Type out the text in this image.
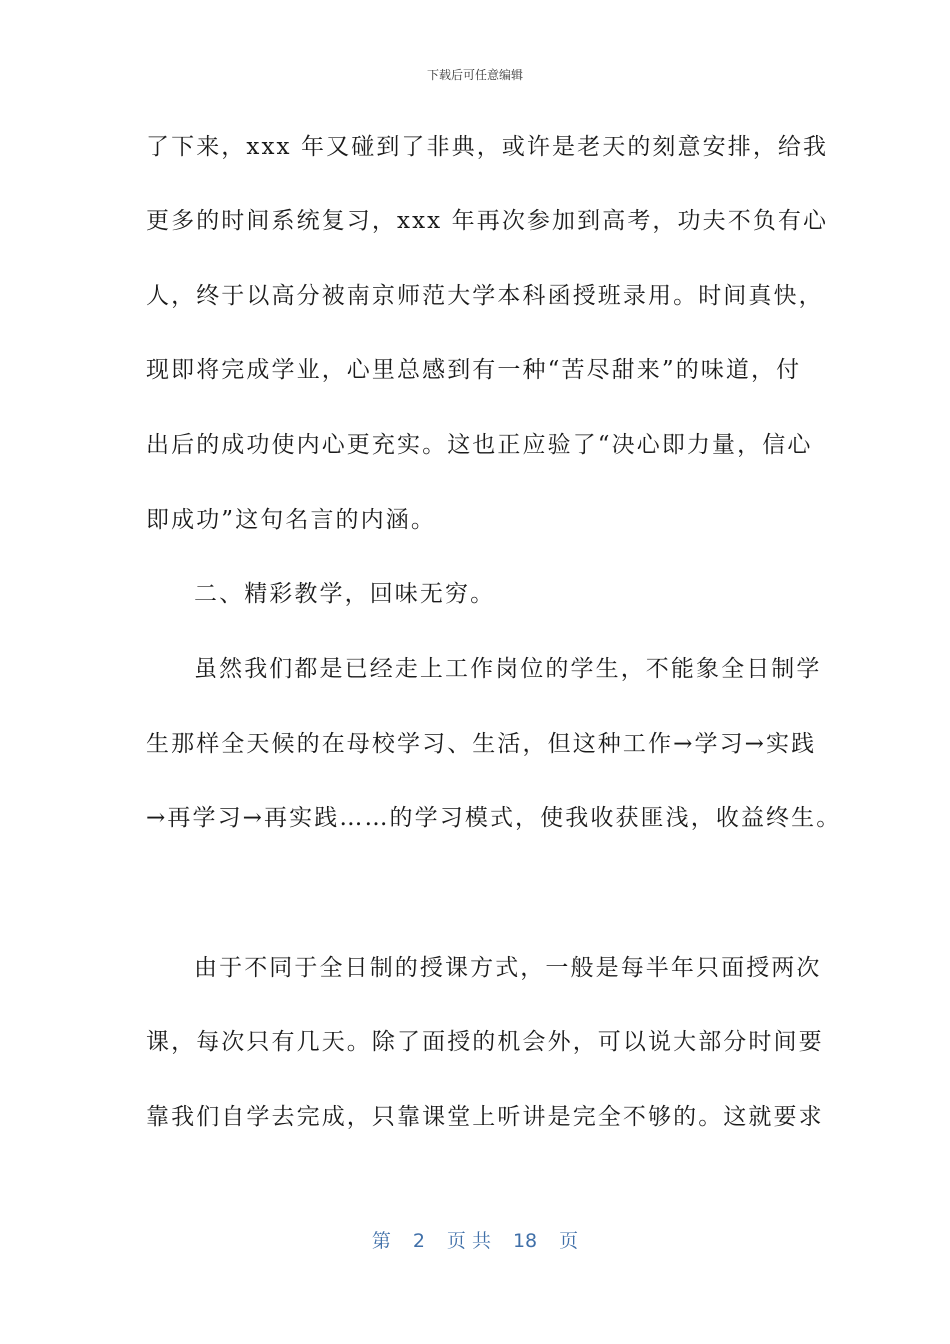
下载后可任意编辑
了下来，xxx 年又碰到了非典，或许是老天的刻意安排，给我
更多的时间系统复习，xxx 年再次参加到高考，功夫不负有心
人，终于以高分被南京师范大学本科函授班录用。时间真快，
现即将完成学业，心里总感到有一种“苦尽甜来”的味道，付
出后的成功使内心更充实。这也正应验了“决心即力量，信心
即成功”这句名言的内涵。
二、精彩教学，回味无穷。
虽然我们都是已经走上工作岗位的学生，不能象全日制学
生那样全天候的在母校学习、生活，但这种工作→学习→实践
→再学习→再实践……的学习模式，使我收获匪浅，收益终生。
由于不同于全日制的授课方式，一般是每半年只面授两次
课，每次只有几天。除了面授的机会外，可以说大部分时间要
靠我们自学去完成，只靠课堂上听讲是完全不够的。这就要求
第 2 页 共 18 页
